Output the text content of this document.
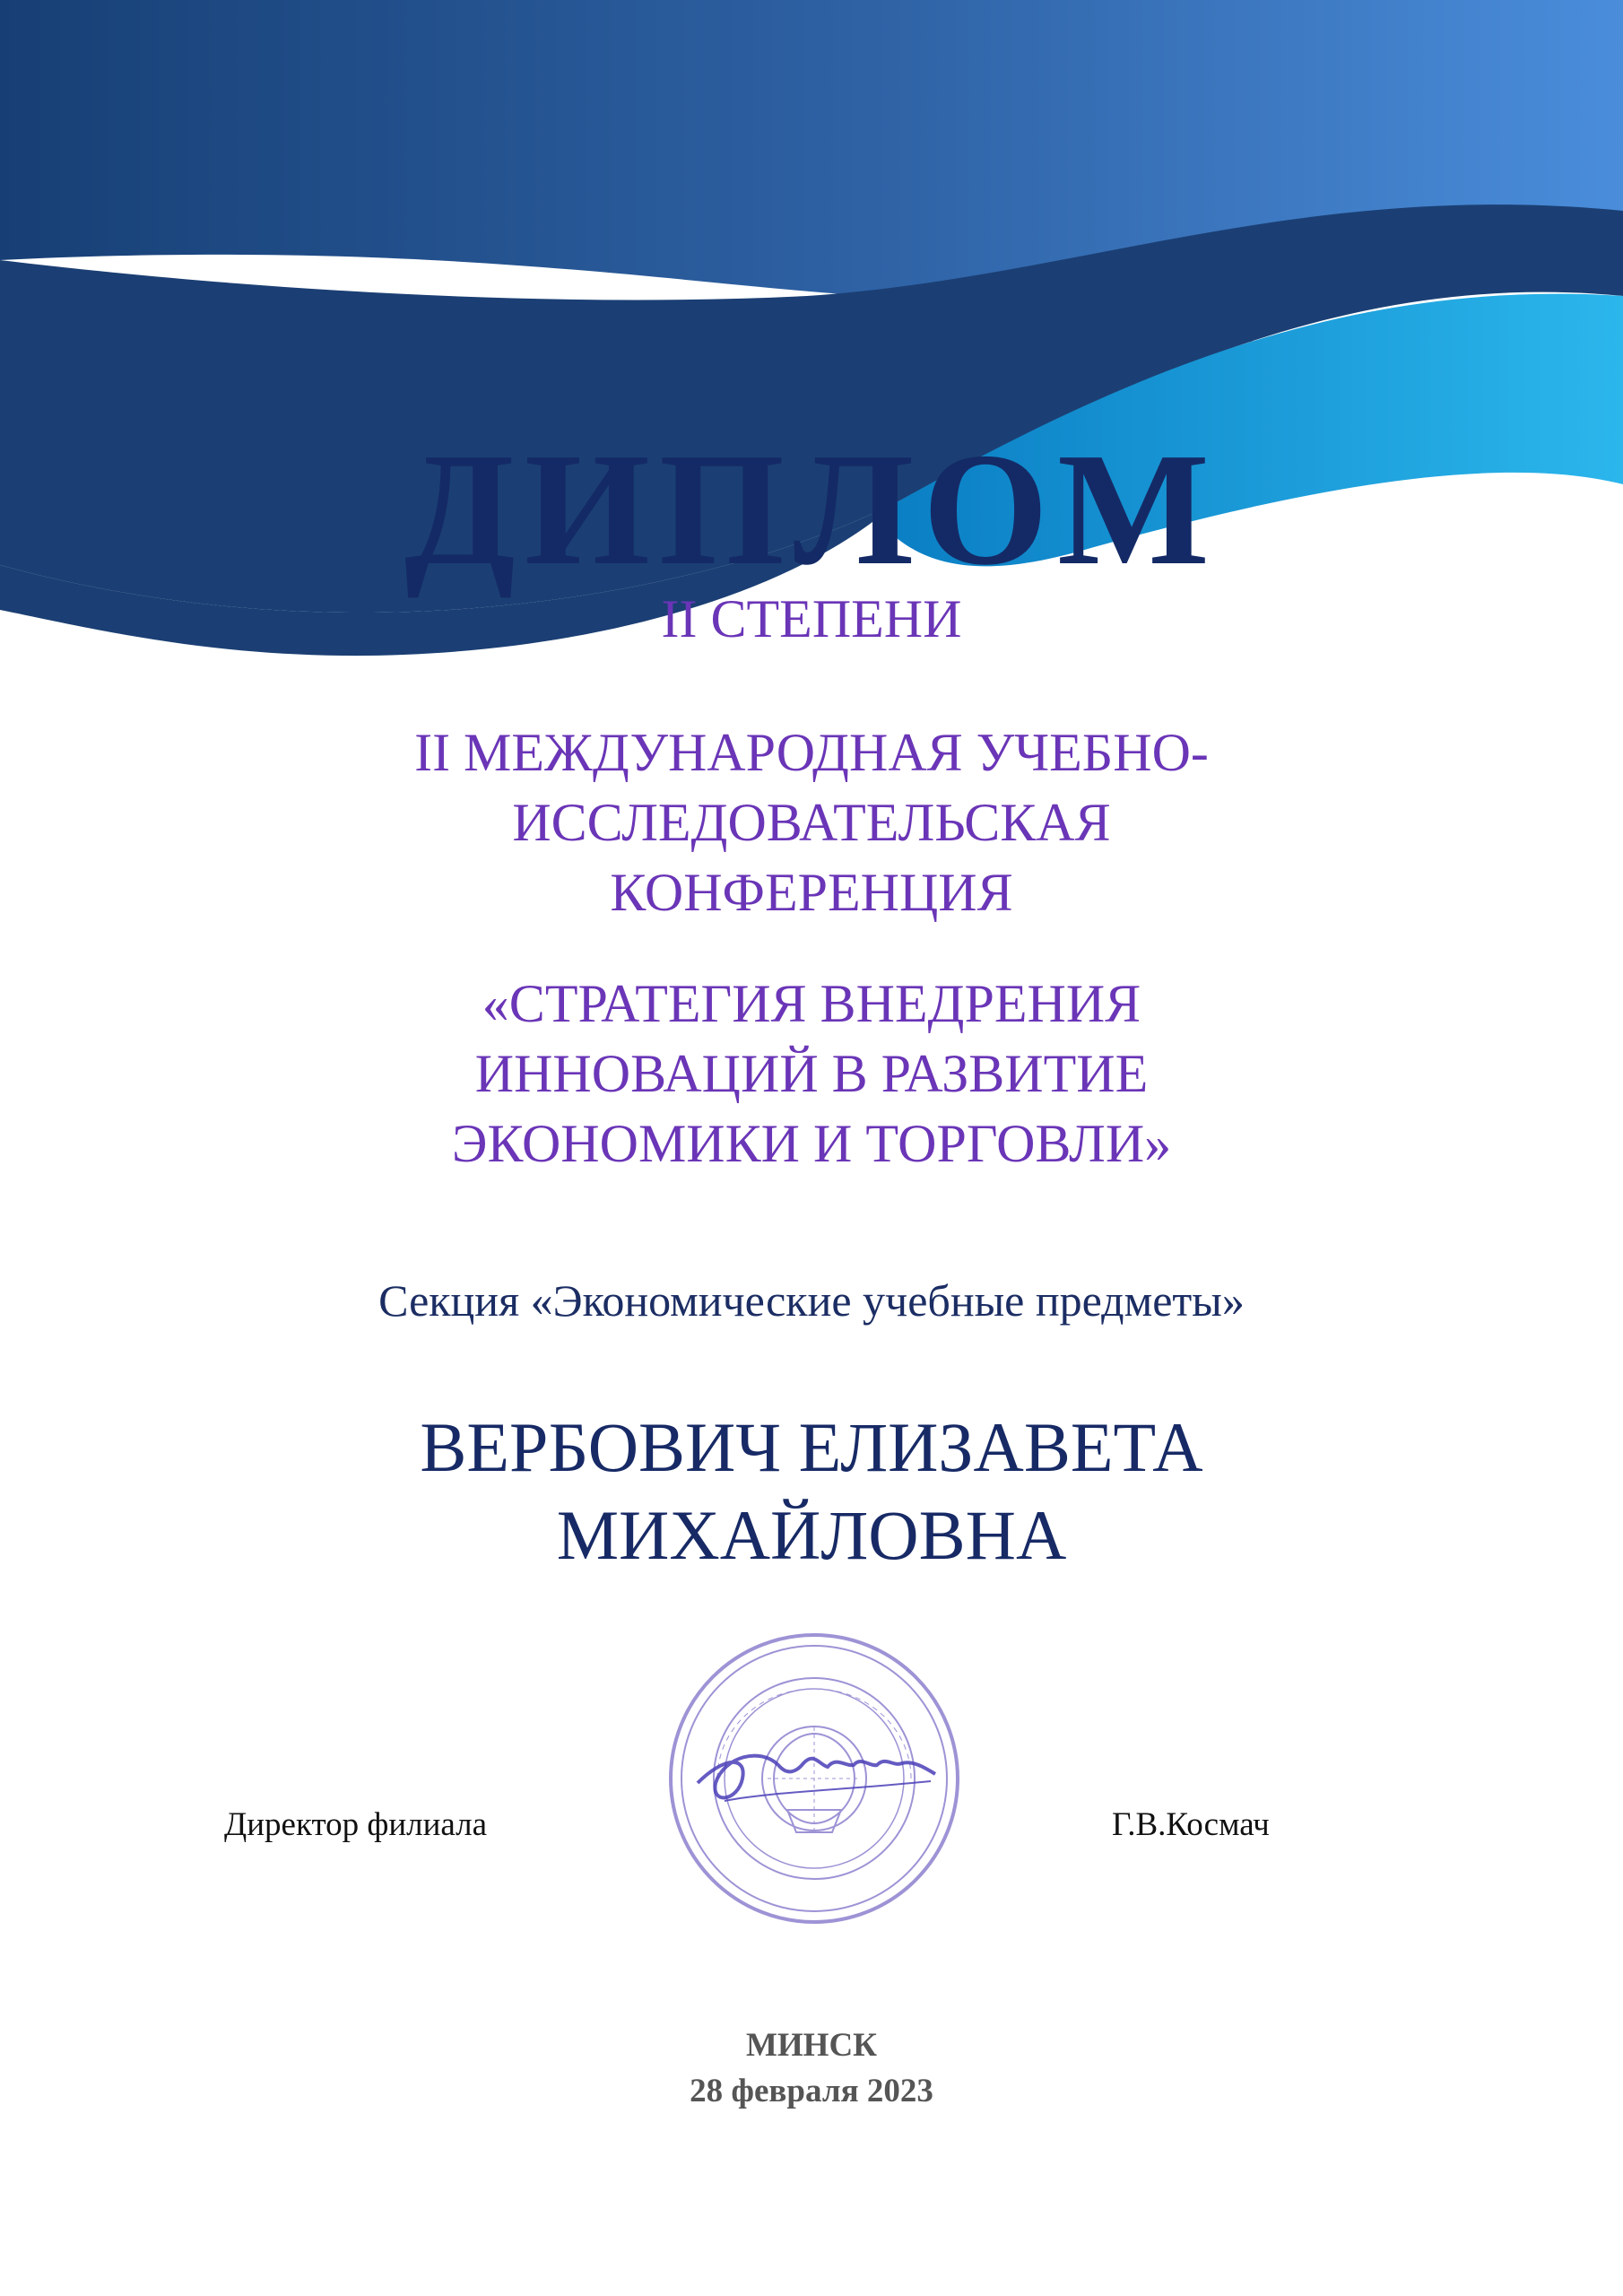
ДИПЛОМ
II СТЕПЕНИ
II МЕЖДУНАРОДНАЯ УЧЕБНО-
ИССЛЕДОВАТЕЛЬСКАЯ
КОНФЕРЕНЦИЯ
«СТРАТЕГИЯ ВНЕДРЕНИЯ
ИННОВАЦИЙ В РАЗВИТИЕ
ЭКОНОМИКИ И ТОРГОВЛИ»
Секция «Экономические учебные предметы»
ВЕРБОВИЧ ЕЛИЗАВЕТА
МИХАЙЛОВНА
Директор филиала	Г.В.Космач
МИНСК
28 февраля 2023
